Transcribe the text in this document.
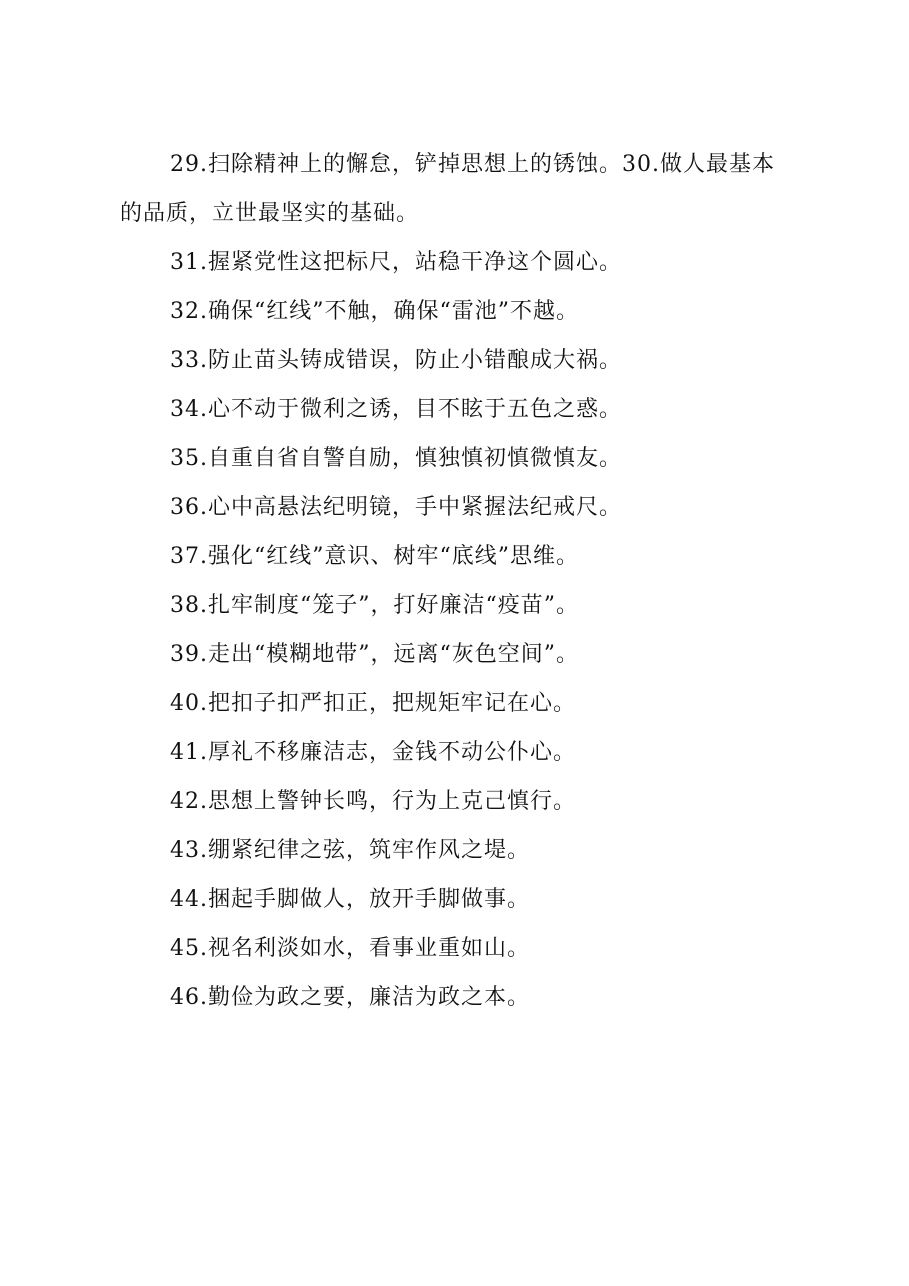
29.扫除精神上的懈怠，铲掉思想上的锈蚀。30.做人最基本的品质，立世最坚实的基础。

31.握紧党性这把标尺，站稳干净这个圆心。

32.确保“红线”不触，确保“雷池”不越。

33.防止苗头铸成错误，防止小错酿成大祸。

34.心不动于微利之诱，目不眩于五色之惑。

35.自重自省自警自励，慎独慎初慎微慎友。

36.心中高悬法纪明镜，手中紧握法纪戒尺。

37.强化“红线”意识、树牢“底线”思维。

38.扎牢制度“笼子”，打好廉洁“疫苗”。

39.走出“模糊地带”，远离“灰色空间”。

40.把扣子扣严扣正，把规矩牢记在心。

41.厚礼不移廉洁志，金钱不动公仆心。

42.思想上警钟长鸣，行为上克己慎行。

43.绷紧纪律之弦，筑牢作风之堤。

44.捆起手脚做人，放开手脚做事。

45.视名利淡如水，看事业重如山。

46.勤俭为政之要，廉洁为政之本。
